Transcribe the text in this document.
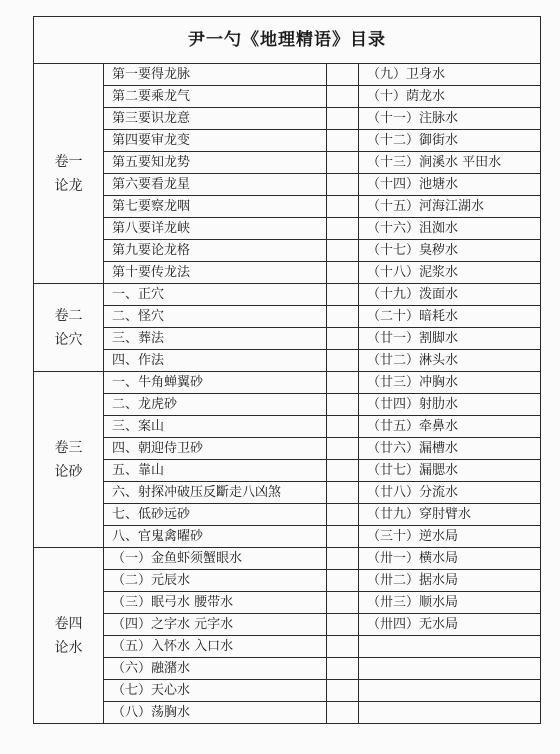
尹一勺《地理精语》目录			

卷一
论龙	第一要得龙脉		（九）卫身水
	第二要乘龙气		（十）荫龙水
	第三要识龙意		（十一）注脉水
	第四要审龙变		（十二）御街水
	第五要知龙势		（十三）涧溪水 平田水
	第六要看龙星		（十四）池塘水
	第七要察龙咽		（十五）河海江湖水
	第八要详龙峡		（十六）沮洳水
	第九要论龙格		（十七）臭秽水
	第十要传龙法		（十八）泥浆水

卷二
论穴	一、正穴		（十九）泼面水
	二、怪穴		（二十）暗耗水
	三、葬法		（廿一）割脚水
	四、作法		（廿二）淋头水

卷三
论砂	一、牛角蝉翼砂		（廿三）冲胸水
	二、龙虎砂		（廿四）射肋水
	三、案山		（廿五）牵鼻水
	四、朝迎侍卫砂		（廿六）漏槽水
	五、靠山		（廿七）漏腮水
	六、射探冲破压反斷走八凶煞		（廿八）分流水
	七、低砂远砂		（廿九）穿肘臂水
	八、官鬼禽曜砂		（三十）逆水局

卷四
论水	（一）金鱼虾须蟹眼水		（卅一）横水局
	（二）元辰水		（卅二）据水局
	（三）眠弓水 腰带水		（卅三）顺水局
	（四）之字水 元字水		（卅四）无水局
	（五）入怀水 入口水		
	（六）融潴水		
	（七）天心水		
	（八）荡胸水		
